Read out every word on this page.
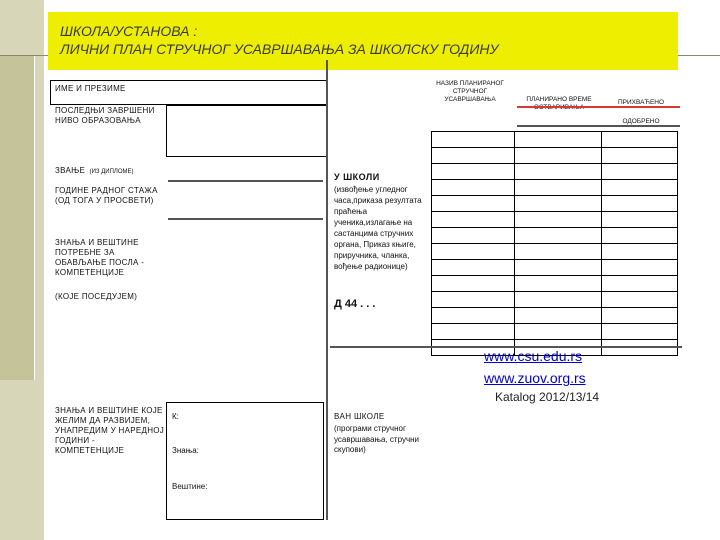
ШКОЛА/УСТАНОВА :
ЛИЧНИ ПЛАН СТРУЧНОГ УСАВРШАВАЊА ЗА ШКОЛСКУ ГОДИНУ
ИМЕ И ПРЕЗИМЕ
ПОСЛЕДЊИ ЗАВРШЕНИ НИВО ОБРАЗОВАЊА
ЗВАЊЕ (ИЗ ДИПЛОМЕ)
ГОДИНЕ РАДНОГ СТАЖА (ОД ТОГА У ПРОСВЕТИ)
ЗНАЊА И ВЕШТИНЕ ПОТРЕБНЕ ЗА ОБАВЉАЊЕ ПОСЛА - КОМПЕТЕНЦИЈЕ
(КОЈЕ ПОСЕДУЈЕМ)
ЗНАЊА И ВЕШТИНЕ КОЈЕ ЖЕЛИМ ДА РАЗВИЈЕМ, УНАПРЕДИМ У НАРЕДНОЈ ГОДИНИ - КОМПЕТЕНЦИЈЕ
К:
Знања:
Вештине:
НАЗИВ ПЛАНИРАНОГ СТРУЧНОГ УСАВРШАВАЊА	ПЛАНИРАНО ВРЕМЕ	ПРИХВАЋЕНО
ОДОБРЕНО

У ШКОЛИ
(извођење угледног часа,приказа резултата праћења ученика,излагање на састанцима стручних органа, Приказ књиге, приручника, чланка, вођење радионице)
Д 44 . . .
www.csu.edu.rs
www.zuov.org.rs
Katalog 2012/13/14
ВАН ШКОЛЕ
(програми стручног усавршавања, стручни скупови)
